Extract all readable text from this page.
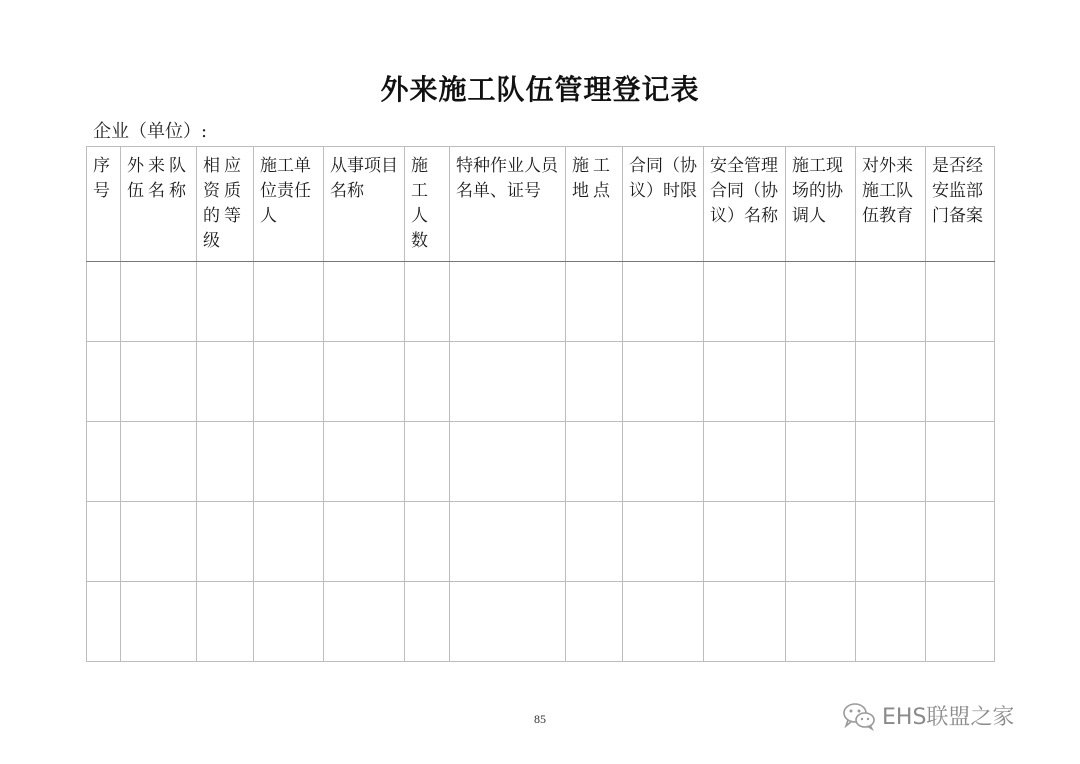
外来施工队伍管理登记表
企业（单位）:
序号	外来队伍名称	相应资质的等级	施工单位责任人	从事项目名称	施工人数	特种作业人员名单、证号	施工地点	合同（协议）时限	安全管理合同（协议）名称	施工现场的协调人	对外来施工队伍教育	是否经安监部门备案

85	EHS联盟之家
